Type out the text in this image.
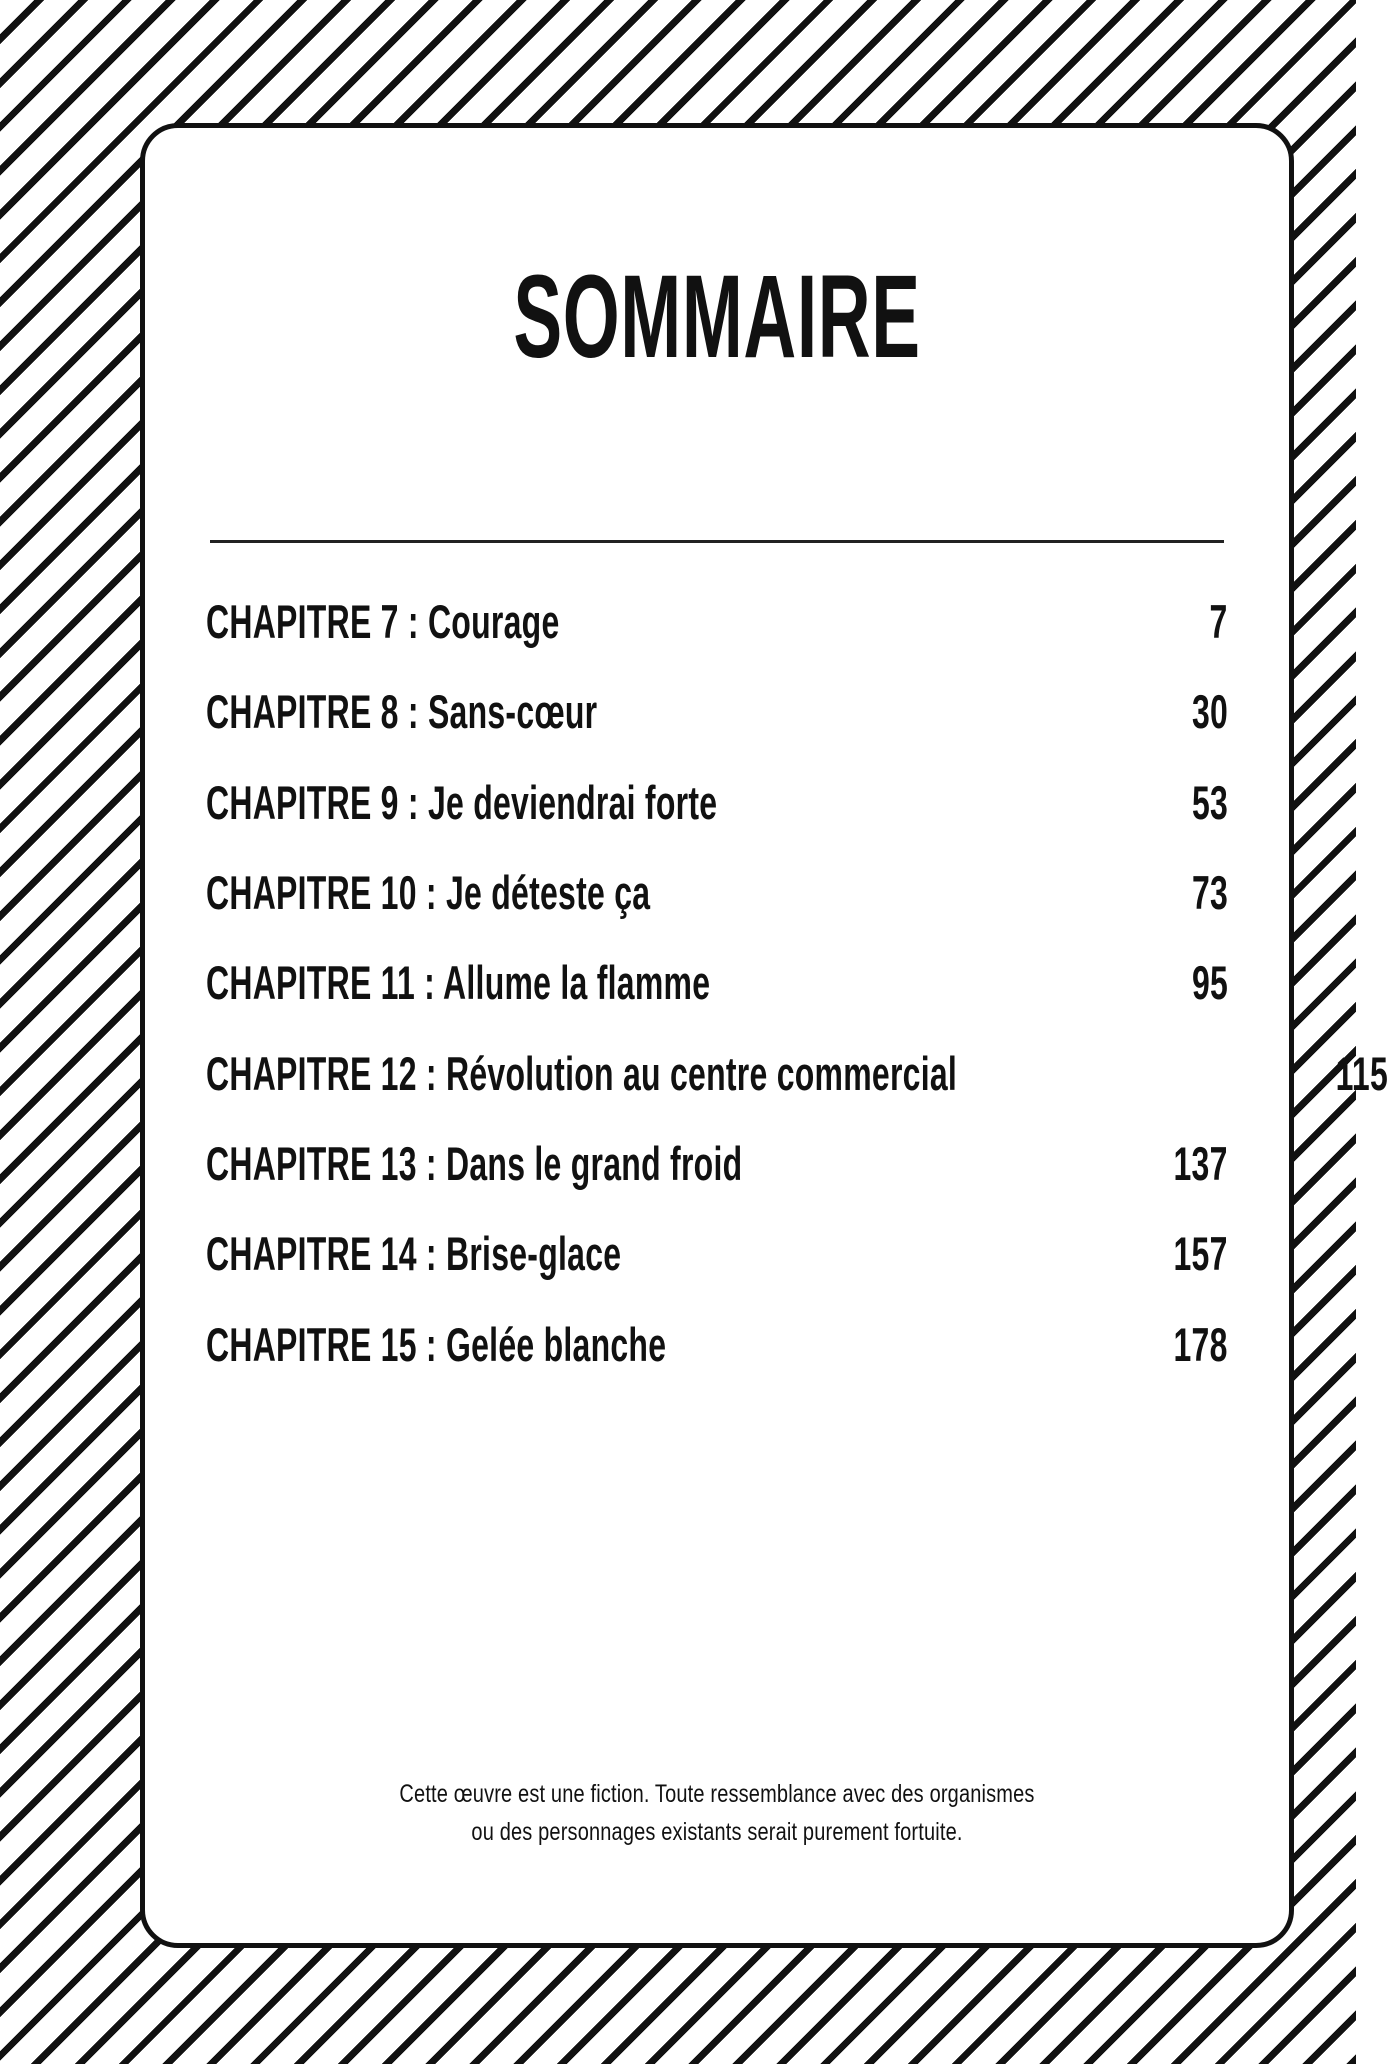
SOMMAIRE
CHAPITRE 7 : Courage	7
CHAPITRE 8 : Sans-cœur	30
CHAPITRE 9 : Je deviendrai forte	53
CHAPITRE 10 : Je déteste ça	73
CHAPITRE 11 : Allume la flamme	95
CHAPITRE 12 : Révolution au centre commercial	115
CHAPITRE 13 : Dans le grand froid	137
CHAPITRE 14 : Brise-glace	157
CHAPITRE 15 : Gelée blanche	178
Cette œuvre est une fiction. Toute ressemblance avec des organismes
ou des personnages existants serait purement fortuite.
